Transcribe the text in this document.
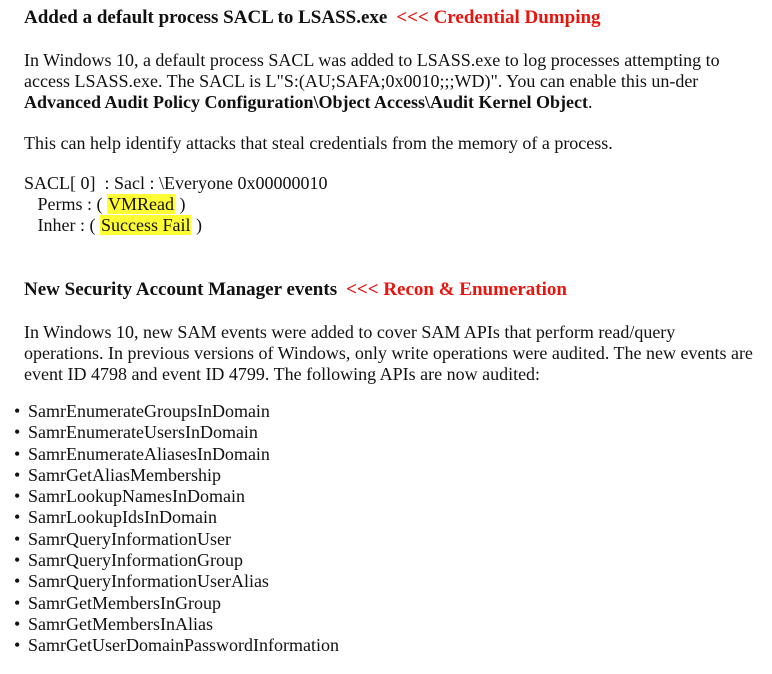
Added a default process SACL to LSASS.exe <<< Credential Dumping

In Windows 10, a default process SACL was added to LSASS.exe to log processes attempting to access LSASS.exe. The SACL is L"S:(AU;SAFA;0x0010;;;WD)". You can enable this un-der Advanced Audit Policy Configuration\Object Access\Audit Kernel Object.

This can help identify attacks that steal credentials from the memory of a process.

SACL[ 0]  : Sacl : \Everyone 0x00000010

Perms : ( VMRead )

Inher : ( Success Fail )

New Security Account Manager events <<< Recon & Enumeration

In Windows 10, new SAM events were added to cover SAM APIs that perform read/query operations. In previous versions of Windows, only write operations were audited. The new events are event ID 4798 and event ID 4799. The following APIs are now audited:

• SamrEnumerateGroupsInDomain
• SamrEnumerateUsersInDomain
• SamrEnumerateAliasesInDomain
• SamrGetAliasMembership
• SamrLookupNamesInDomain
• SamrLookupIdsInDomain
• SamrQueryInformationUser
• SamrQueryInformationGroup
• SamrQueryInformationUserAlias
• SamrGetMembersInGroup
• SamrGetMembersInAlias
• SamrGetUserDomainPasswordInformation
